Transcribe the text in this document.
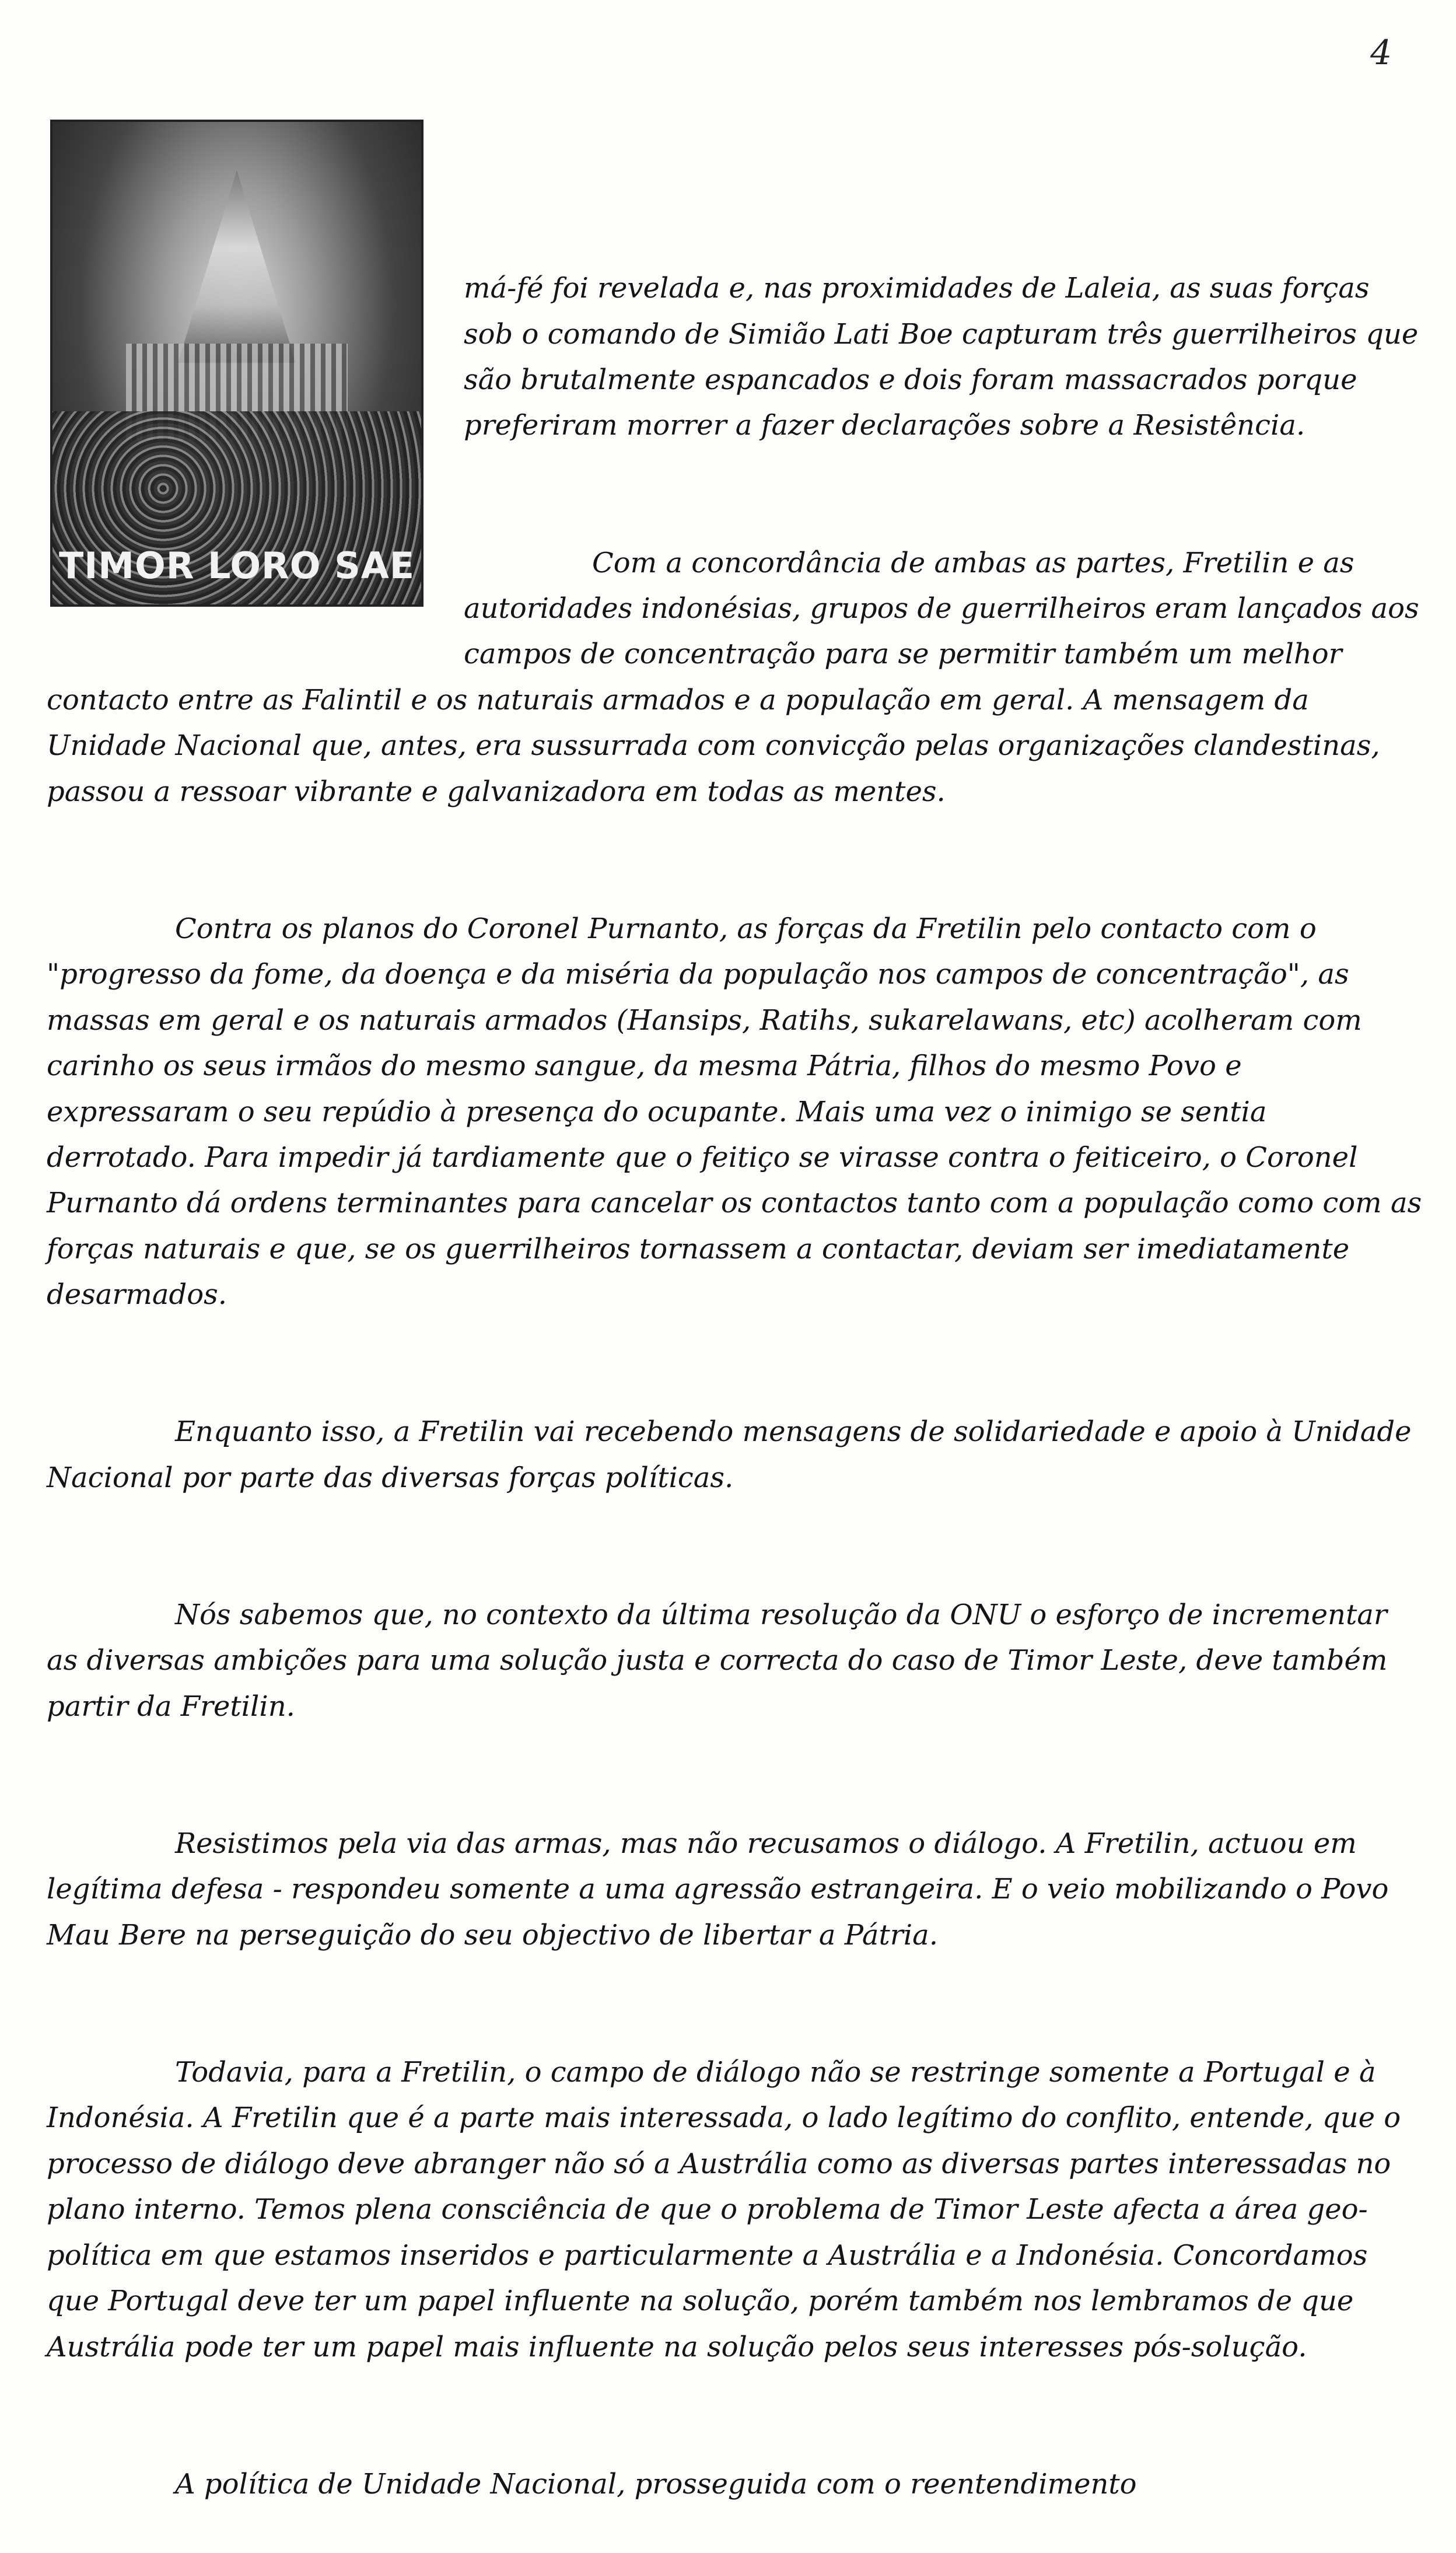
4
TIMOR LORO SAE

má-fé foi revelada e, nas proximidades de Laleia, as suas forças sob o comando de Simião Lati Boe capturam três guerrilheiros que são brutalmente espancados e dois foram massacrados porque preferiram morrer a fazer declarações sobre a Resistência.

Com a concordância de ambas as partes, Fretilin e as autoridades indonésias, grupos de guerrilheiros eram lançados aos campos de concentração para se permitir também um melhor contacto entre as Falintil e os naturais armados e a população em geral. A mensagem da Unidade Nacional que, antes, era sussurrada com convicção pelas organizações clandestinas, passou a ressoar vibrante e galvanizadora em todas as mentes.

Contra os planos do Coronel Purnanto, as forças da Fretilin pelo contacto com o "progresso da fome, da doença e da miséria da população nos campos de concentração", as massas em geral e os naturais armados (Hansips, Ratihs, sukarelawans, etc) acolheram com carinho os seus irmãos do mesmo sangue, da mesma Pátria, filhos do mesmo Povo e expressaram o seu repúdio à presença do ocupante. Mais uma vez o inimigo se sentia derrotado. Para impedir já tardiamente que o feitiço se virasse contra o feiticeiro, o Coronel Purnanto dá ordens terminantes para cancelar os contactos tanto com a população como com as forças naturais e que, se os guerrilheiros tornassem a contactar, deviam ser imediatamente desarmados.

Enquanto isso, a Fretilin vai recebendo mensagens de solidariedade e apoio à Unidade Nacional por parte das diversas forças políticas.

Nós sabemos que, no contexto da última resolução da ONU o esforço de incrementar as diversas ambições para uma solução justa e correcta do caso de Timor Leste, deve também partir da Fretilin.

Resistimos pela via das armas, mas não recusamos o diálogo. A Fretilin, actuou em legítima defesa - respondeu somente a uma agressão estrangeira. E o veio mobilizando o Povo Mau Bere na perseguição do seu objectivo de libertar a Pátria.

Todavia, para a Fretilin, o campo de diálogo não se restringe somente a Portugal e à Indonésia. A Fretilin que é a parte mais interessada, o lado legítimo do conflito, entende, que o processo de diálogo deve abranger não só a Austrália como as diversas partes interessadas no plano interno. Temos plena consciência de que o problema de Timor Leste afecta a área geo-política em que estamos inseridos e particularmente a Austrália e a Indonésia. Concordamos que Portugal deve ter um papel influente na solução, porém também nos lembramos de que Austrália pode ter um papel mais influente na solução pelos seus interesses pós-solução.

A política de Unidade Nacional, prosseguida com o reentendimento
